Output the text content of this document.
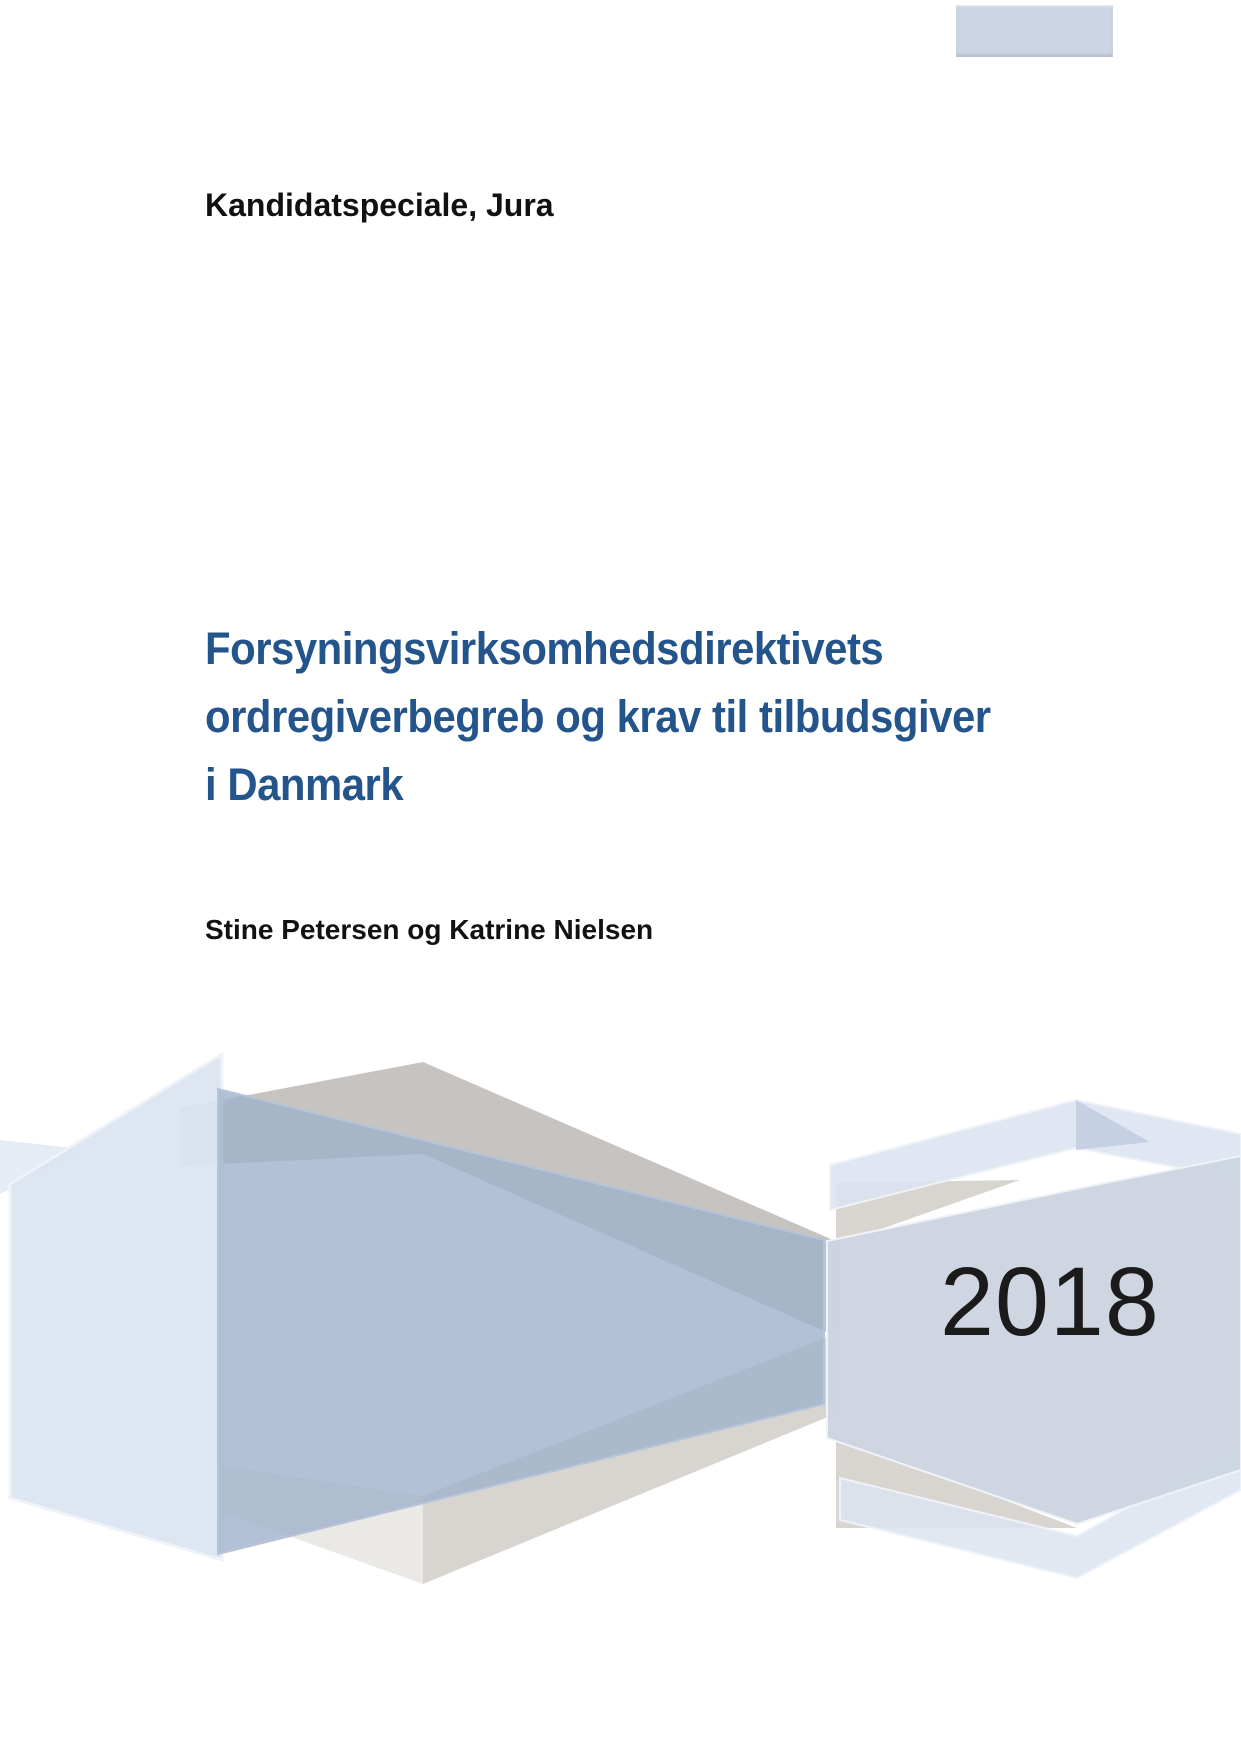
Kandidatspeciale, Jura
Forsyningsvirksomhedsdirektivets
ordregiverbegreb og krav til tilbudsgiver
i Danmark
Stine Petersen og Katrine Nielsen
2018
